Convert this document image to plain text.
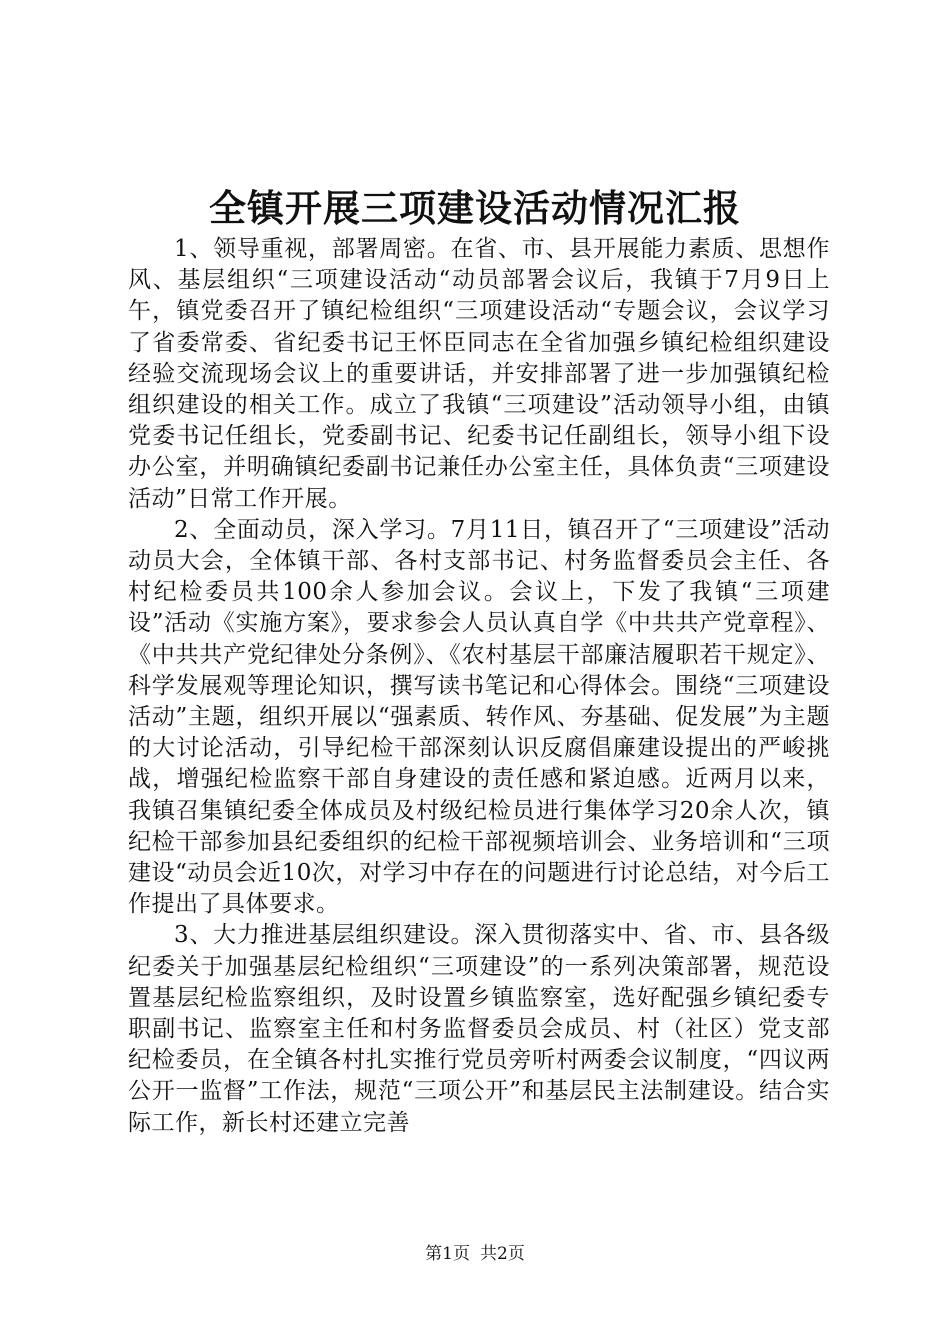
全镇开展三项建设活动情况汇报

1、领导重视，部署周密。在省、市、县开展能力素质、思想作风、基层组织“三项建设活动“动员部署会议后，我镇于7月9日上午，镇党委召开了镇纪检组织“三项建设活动“专题会议，会议学习了省委常委、省纪委书记王怀臣同志在全省加强乡镇纪检组织建设经验交流现场会议上的重要讲话，并安排部署了进一步加强镇纪检组织建设的相关工作。成立了我镇“三项建设”活动领导小组，由镇党委书记任组长，党委副书记、纪委书记任副组长，领导小组下设办公室，并明确镇纪委副书记兼任办公室主任，具体负责“三项建设活动”日常工作开展。

2、全面动员，深入学习。7月11日，镇召开了“三项建设”活动动员大会，全体镇干部、各村支部书记、村务监督委员会主任、各村纪检委员共100余人参加会议。会议上，下发了我镇“三项建设”活动《实施方案》，要求参会人员认真自学《中共共产党章程》、《中共共产党纪律处分条例》、《农村基层干部廉洁履职若干规定》、科学发展观等理论知识，撰写读书笔记和心得体会。围绕“三项建设活动”主题，组织开展以“强素质、转作风、夯基础、促发展”为主题的大讨论活动，引导纪检干部深刻认识反腐倡廉建设提出的严峻挑战，增强纪检监察干部自身建设的责任感和紧迫感。近两月以来，我镇召集镇纪委全体成员及村级纪检员进行集体学习20余人次，镇纪检干部参加县纪委组织的纪检干部视频培训会、业务培训和“三项建设“动员会近10次，对学习中存在的问题进行讨论总结，对今后工作提出了具体要求。

3、大力推进基层组织建设。深入贯彻落实中、省、市、县各级纪委关于加强基层纪检组织“三项建设”的一系列决策部署，规范设置基层纪检监察组织，及时设置乡镇监察室，选好配强乡镇纪委专职副书记、监察室主任和村务监督委员会成员、村（社区）党支部纪检委员，在全镇各村扎实推行党员旁听村两委会议制度，“四议两公开一监督”工作法，规范“三项公开”和基层民主法制建设。结合实际工作，新长村还建立完善

第1页 共2页
